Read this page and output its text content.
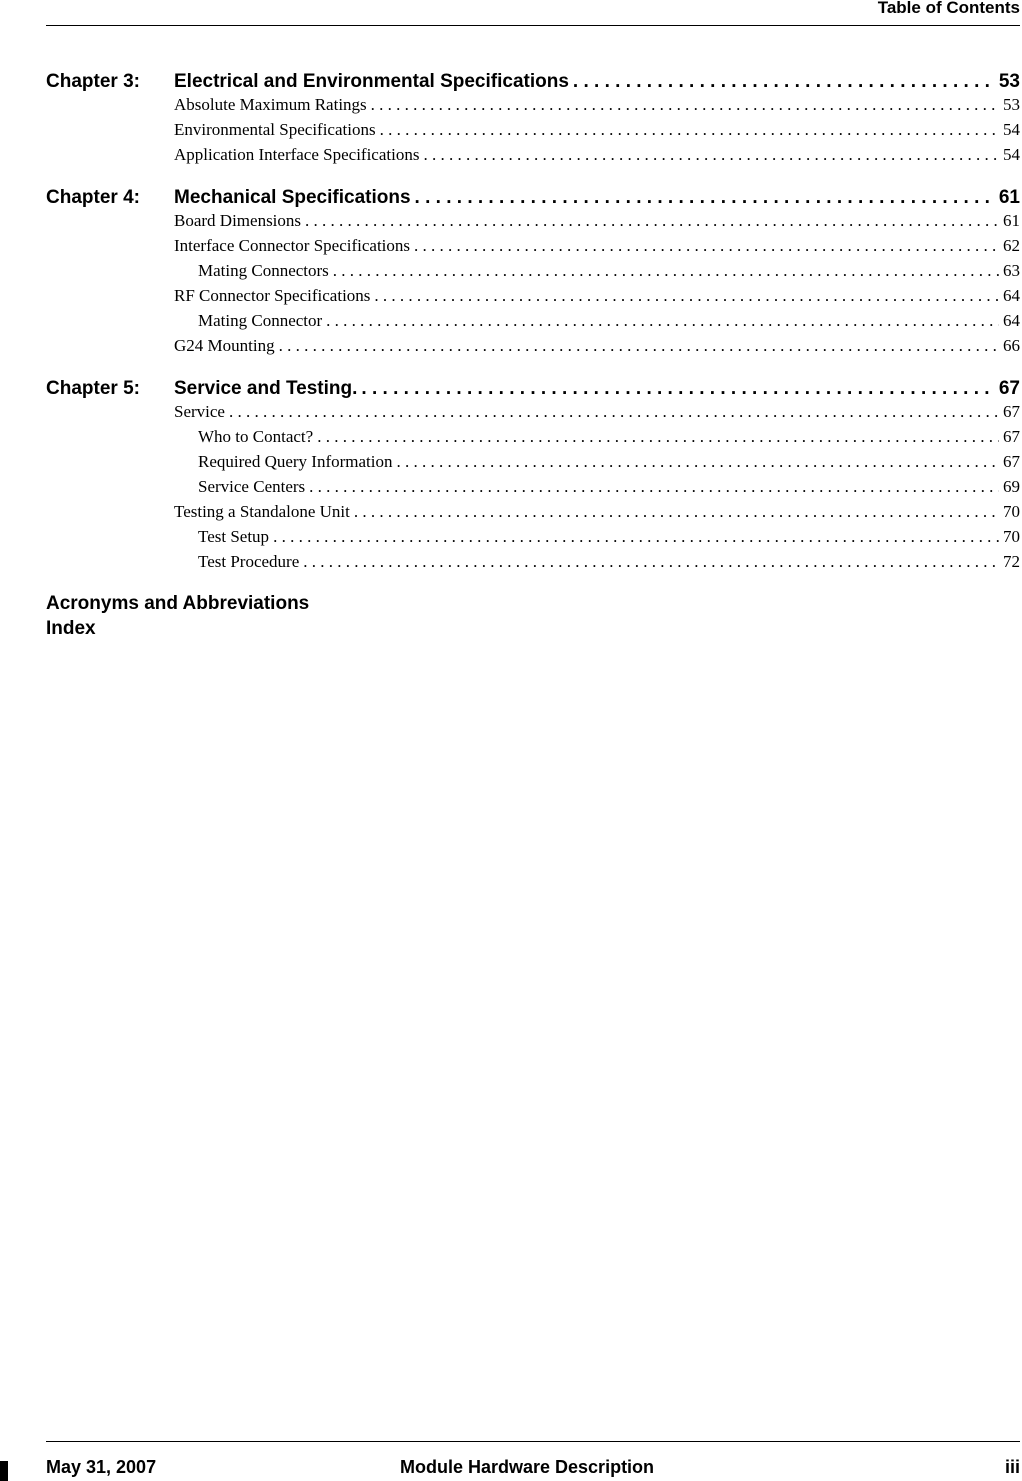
Table of Contents
Chapter 3:	Electrical and Environmental Specifications . . .	53
Absolute Maximum Ratings . . .	53
Environmental Specifications . . .	54
Application Interface Specifications . . .	54
Chapter 4:	Mechanical Specifications . . .	61
Board Dimensions . . .	61
Interface Connector Specifications . . .	62
Mating Connectors . . .	63
RF Connector Specifications . . .	64
Mating Connector . . .	64
G24 Mounting . . .	66
Chapter 5:	Service and Testing. . . .	67
Service . . .	67
Who to Contact? . . .	67
Required Query Information . . .	67
Service Centers . . .	69
Testing a Standalone Unit . . .	70
Test Setup . . .	70
Test Procedure . . .	72
Acronyms and Abbreviations
Index
May 31, 2007	Module Hardware Description	iii
